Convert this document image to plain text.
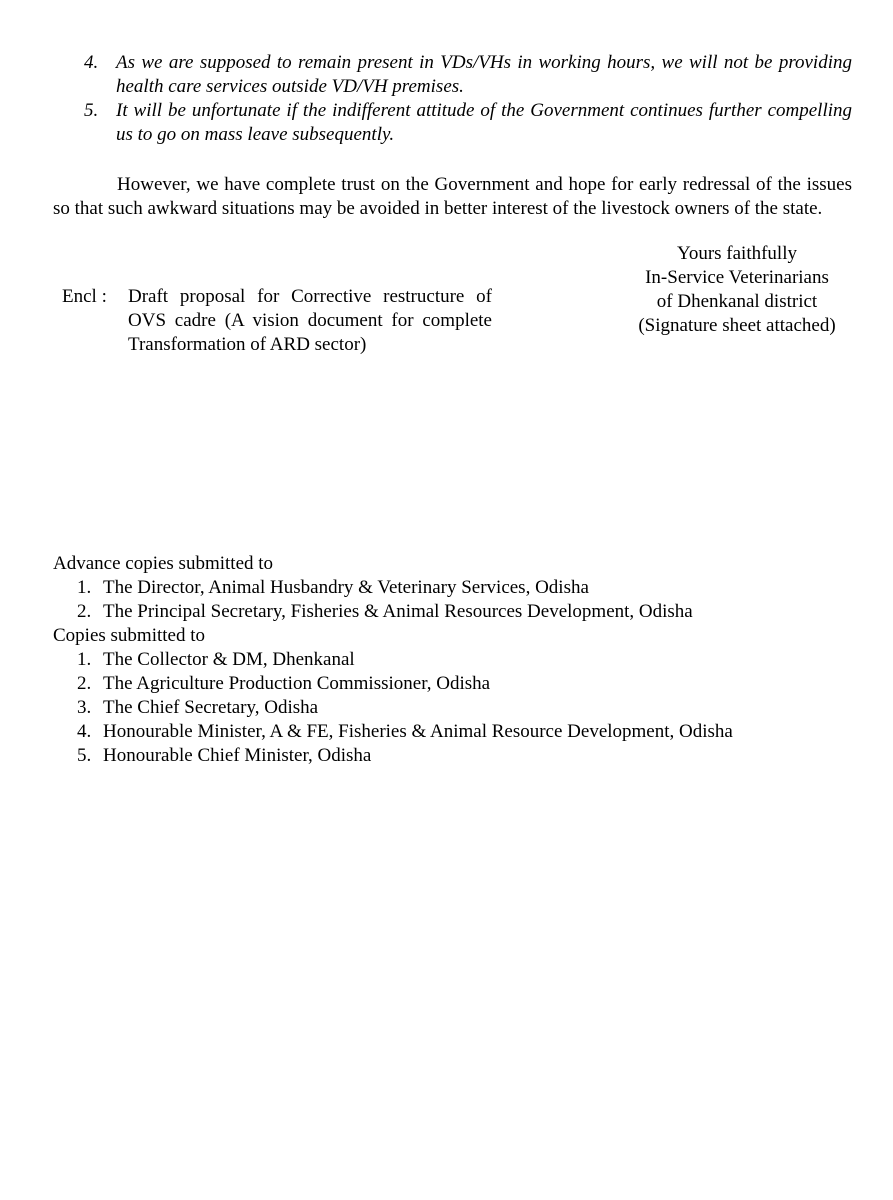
4. As we are supposed to remain present in VDs/VHs in working hours, we will not be providing health care services outside VD/VH premises.
5. It will be unfortunate if the indifferent attitude of the Government continues further compelling us to go on mass leave subsequently.

However, we have complete trust on the Government and hope for early redressal of the issues so that such awkward situations may be avoided in better interest of the livestock owners of the state.

Yours faithfully
In-Service Veterinarians
of Dhenkanal district
(Signature sheet attached)
Encl :	Draft proposal for Corrective restructure of OVS cadre (A vision document for complete Transformation of ARD sector)
Advance copies submitted to
1. The Director, Animal Husbandry & Veterinary Services, Odisha
2. The Principal Secretary, Fisheries & Animal Resources Development, Odisha
Copies submitted to
1. The Collector & DM, Dhenkanal
2. The Agriculture Production Commissioner, Odisha
3. The Chief Secretary, Odisha
4. Honourable Minister, A & FE, Fisheries & Animal Resource Development, Odisha
5. Honourable Chief Minister, Odisha
